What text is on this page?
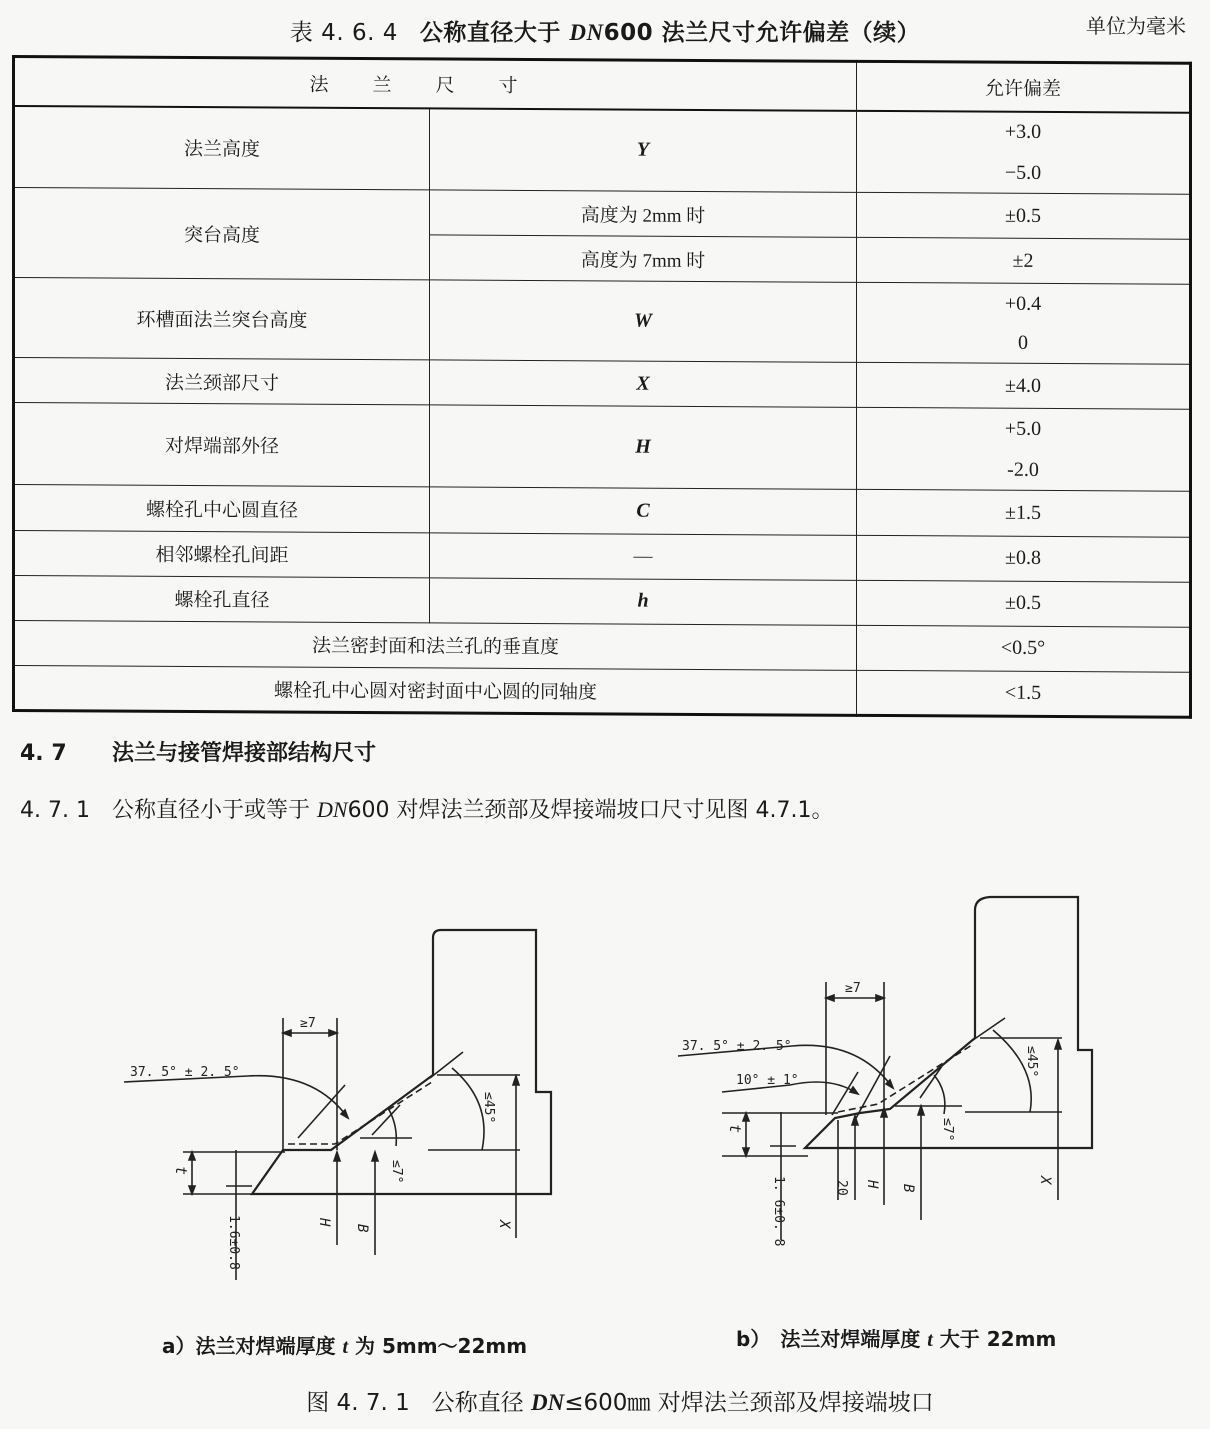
表 4. 6. 4 公称直径大于 DN600 法兰尺寸允许偏差（续）	单位为毫米
法兰尺寸		允许偏差
法兰高度	Y	+3.0
−5.0

突台高度	高度为 2mm 时	±0.5
	高度为 7mm 时	±2
环槽面法兰突台高度	W	+0.4
0

法兰颈部尺寸	X	±4.0
对焊端部外径	H	+5.0
-2.0

螺栓孔中心圆直径	C	±1.5
相邻螺栓孔间距	—	±0.8
螺栓孔直径	h	±0.5
法兰密封面和法兰孔的垂直度		<0.5°
螺栓孔中心圆对密封面中心圆的同轴度		<1.5
4. 7 法兰与接管焊接部结构尺寸
4. 7. 1 公称直径小于或等于 DN600 对焊法兰颈部及焊接端坡口尺寸见图 4.7.1。
≥7
37. 5° ± 2. 5°
≤7°
≤45°
t
1.6±0.8	H
B	X
≥7
37. 5° ± 2. 5°
10° ± 1°
≤7°
≤45°
t
1. 6±0. 8	20 H B
X
a）法兰对焊端厚度 t 为 5mm～22mm	b）　法兰对焊端厚度 t 大于 22mm
图 4. 7. 1 公称直径 DN≤600㎜ 对焊法兰颈部及焊接端坡口
